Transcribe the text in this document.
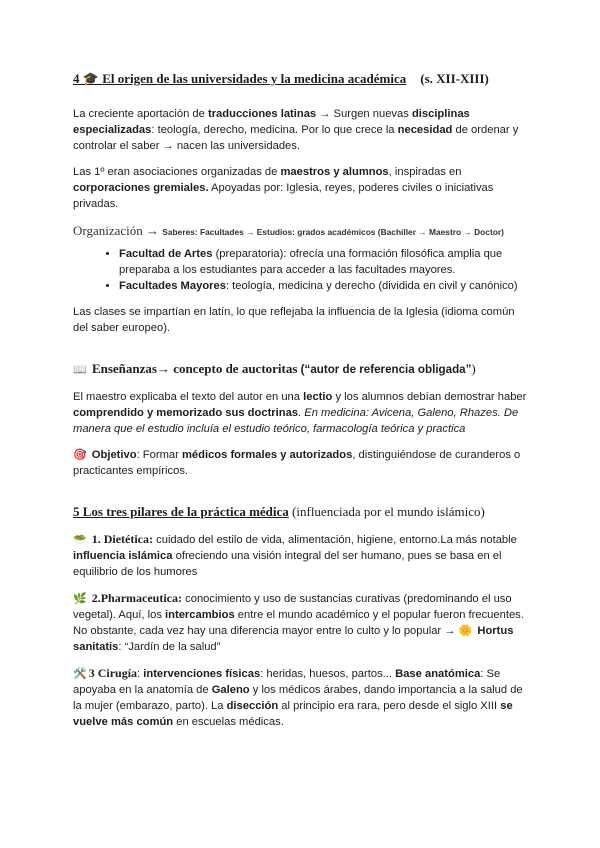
4 🎓 El origen de las universidades y la medicina académica (s. XII-XIII)

La creciente aportación de traducciones latinas → Surgen nuevas disciplinas especializadas: teología, derecho, medicina. Por lo que crece la necesidad de ordenar y controlar el saber → nacen las universidades.

Las 1º eran asociaciones organizadas de maestros y alumnos, inspiradas en corporaciones gremiales. Apoyadas por: Iglesia, reyes, poderes civiles o iniciativas privadas.

Organización → Saberes: Facultades → Estudios: grados académicos (Bachiller → Maestro → Doctor)

• Facultad de Artes (preparatoria): ofrecía una formación filosófica amplia que preparaba a los estudiantes para acceder a las facultades mayores.
• Facultades Mayores: teología, medicina y derecho (dividida en civil y canónico)

Las clases se impartían en latín, lo que reflejaba la influencia de la Iglesia (idioma común del saber europeo).

📖 Enseñanzas→ concepto de auctoritas (“autor de referencia obligada”)

El maestro explicaba el texto del autor en una lectio y los alumnos debían demostrar haber comprendido y memorizado sus doctrinas. En medicina: Avicena, Galeno, Rhazes. De manera que el estudio incluía el estudio teórico, farmacología teórica y practica

🎯 Objetivo: Formar médicos formales y autorizados, distinguiéndose de curanderos o practicantes empíricos.

5 Los tres pilares de la práctica médica (influenciada por el mundo islámico)

🥗 1. Dietética: cuidado del estilo de vida, alimentación, higiene, entorno.La más notable influencia islámica ofreciendo una visión integral del ser humano, pues se basa en el equilibrio de los humores

🌿 2.Pharmaceutica: conocimiento y uso de sustancias curativas (predominando el uso vegetal). Aquí, los intercambios entre el mundo académico y el popular fueron frecuentes. No obstante, cada vez hay una diferencia mayor entre lo culto y lo popular → 🌼 Hortus sanitatis: “Jardín de la salud”

🛠️ 3 Cirugía: intervenciones físicas: heridas, huesos, partos... Base anatómica: Se apoyaba en la anatomía de Galeno y los médicos árabes, dando importancia a la salud de la mujer (embarazo, parto). La disección al principio era rara, pero desde el siglo XIII se vuelve más común en escuelas médicas.
